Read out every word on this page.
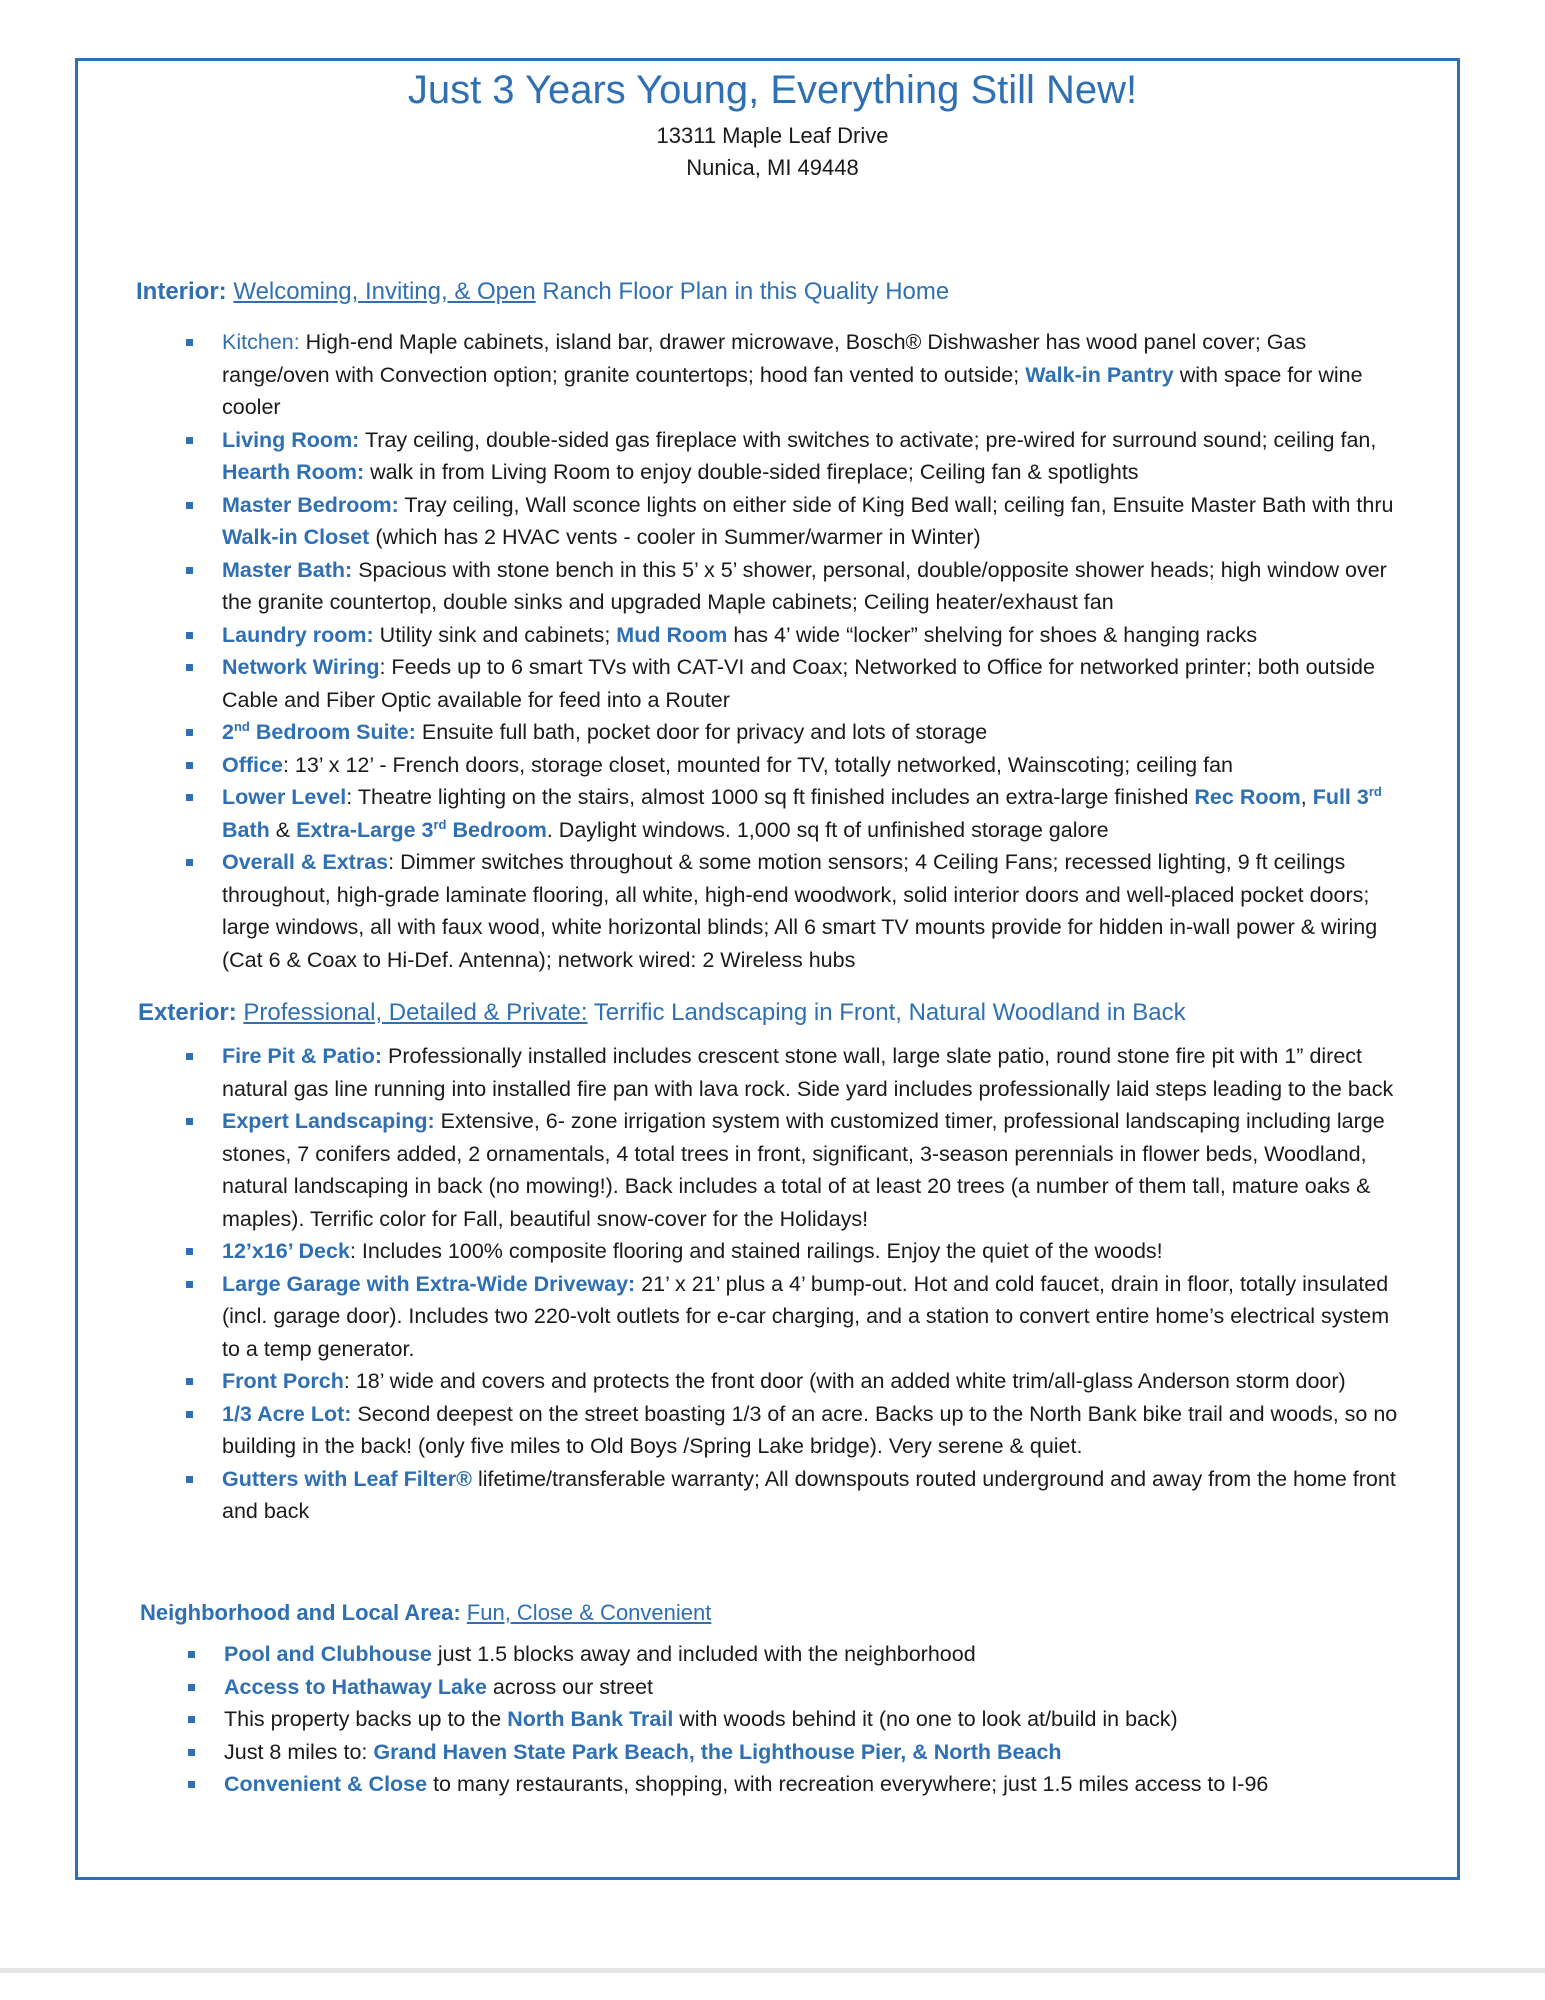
Just 3 Years Young, Everything Still New!
13311 Maple Leaf Drive
Nunica, MI 49448
Interior: Welcoming, Inviting, & Open Ranch Floor Plan in this Quality Home
Kitchen: High-end Maple cabinets, island bar, drawer microwave, Bosch® Dishwasher has wood panel cover; Gas range/oven with Convection option; granite countertops; hood fan vented to outside; Walk-in Pantry with space for wine cooler
Living Room: Tray ceiling, double-sided gas fireplace with switches to activate; pre-wired for surround sound; ceiling fan, Hearth Room: walk in from Living Room to enjoy double-sided fireplace; Ceiling fan & spotlights
Master Bedroom: Tray ceiling, Wall sconce lights on either side of King Bed wall; ceiling fan, Ensuite Master Bath with thru Walk-in Closet (which has 2 HVAC vents - cooler in Summer/warmer in Winter)
Master Bath: Spacious with stone bench in this 5’ x 5’ shower, personal, double/opposite shower heads; high window over the granite countertop, double sinks and upgraded Maple cabinets; Ceiling heater/exhaust fan
Laundry room: Utility sink and cabinets; Mud Room has 4’ wide “locker” shelving for shoes & hanging racks
Network Wiring: Feeds up to 6 smart TVs with CAT-VI and Coax; Networked to Office for networked printer; both outside Cable and Fiber Optic available for feed into a Router
2nd Bedroom Suite: Ensuite full bath, pocket door for privacy and lots of storage
Office: 13’ x 12’ - French doors, storage closet, mounted for TV, totally networked, Wainscoting; ceiling fan
Lower Level: Theatre lighting on the stairs, almost 1000 sq ft finished includes an extra-large finished Rec Room, Full 3rd Bath & Extra-Large 3rd Bedroom. Daylight windows. 1,000 sq ft of unfinished storage galore
Overall & Extras: Dimmer switches throughout & some motion sensors; 4 Ceiling Fans; recessed lighting, 9 ft ceilings throughout, high-grade laminate flooring, all white, high-end woodwork, solid interior doors and well-placed pocket doors; large windows, all with faux wood, white horizontal blinds; All 6 smart TV mounts provide for hidden in-wall power & wiring (Cat 6 & Coax to Hi-Def. Antenna); network wired: 2 Wireless hubs
Exterior: Professional, Detailed & Private: Terrific Landscaping in Front, Natural Woodland in Back
Fire Pit & Patio: Professionally installed includes crescent stone wall, large slate patio, round stone fire pit with 1” direct natural gas line running into installed fire pan with lava rock. Side yard includes professionally laid steps leading to the back
Expert Landscaping: Extensive, 6- zone irrigation system with customized timer, professional landscaping including large stones, 7 conifers added, 2 ornamentals, 4 total trees in front, significant, 3-season perennials in flower beds, Woodland, natural landscaping in back (no mowing!). Back includes a total of at least 20 trees (a number of them tall, mature oaks & maples). Terrific color for Fall, beautiful snow-cover for the Holidays!
12’x16’ Deck: Includes 100% composite flooring and stained railings. Enjoy the quiet of the woods!
Large Garage with Extra-Wide Driveway: 21’ x 21’ plus a 4’ bump-out. Hot and cold faucet, drain in floor, totally insulated (incl. garage door). Includes two 220-volt outlets for e-car charging, and a station to convert entire home’s electrical system to a temp generator.
Front Porch: 18’ wide and covers and protects the front door (with an added white trim/all-glass Anderson storm door)
1/3 Acre Lot: Second deepest on the street boasting 1/3 of an acre. Backs up to the North Bank bike trail and woods, so no building in the back! (only five miles to Old Boys /Spring Lake bridge). Very serene & quiet.
Gutters with Leaf Filter® lifetime/transferable warranty; All downspouts routed underground and away from the home front and back
Neighborhood and Local Area: Fun, Close & Convenient
Pool and Clubhouse just 1.5 blocks away and included with the neighborhood
Access to Hathaway Lake across our street
This property backs up to the North Bank Trail with woods behind it (no one to look at/build in back)
Just 8 miles to: Grand Haven State Park Beach, the Lighthouse Pier, & North Beach
Convenient & Close to many restaurants, shopping, with recreation everywhere; just 1.5 miles access to I-96
